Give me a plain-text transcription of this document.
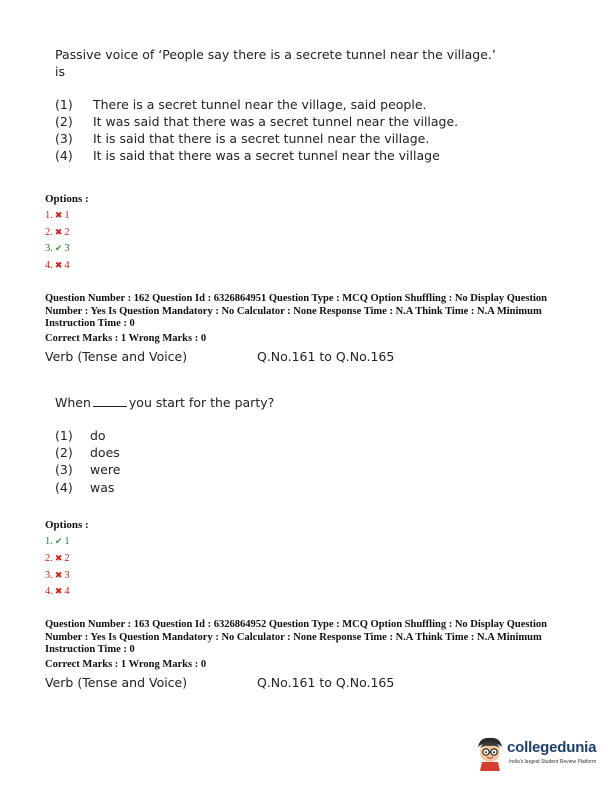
Passive voice of ‘People say there is a secrete tunnel near the village.’
is
(1)	There is a secret tunnel near the village, said people.
(2)	It was said that there was a secret tunnel near the village.
(3)	It is said that there is a secret tunnel near the village.
(4)	It is said that there was a secret tunnel near the village
Options :
1. ✖ 1
2. ✖ 2
3. ✔ 3
4. ✖ 4
Question Number : 162 Question Id : 6326864951 Question Type : MCQ Option Shuffling : No Display Question
Number : Yes Is Question Mandatory : No Calculator : None Response Time : N.A Think Time : N.A Minimum
Instruction Time : 0
Correct Marks : 1 Wrong Marks : 0
Verb (Tense and Voice)	Q.No.161 to Q.No.165
When	you start for the party?
(1)	do
(2)	does
(3)	were
(4)	was
Options :
1. ✔ 1
2. ✖ 2
3. ✖ 3
4. ✖ 4
Question Number : 163 Question Id : 6326864952 Question Type : MCQ Option Shuffling : No Display Question
Number : Yes Is Question Mandatory : No Calculator : None Response Time : N.A Think Time : N.A Minimum
Instruction Time : 0
Correct Marks : 1 Wrong Marks : 0
Verb (Tense and Voice)	Q.No.161 to Q.No.165
collegedunia
India's largest Student Review Platform
